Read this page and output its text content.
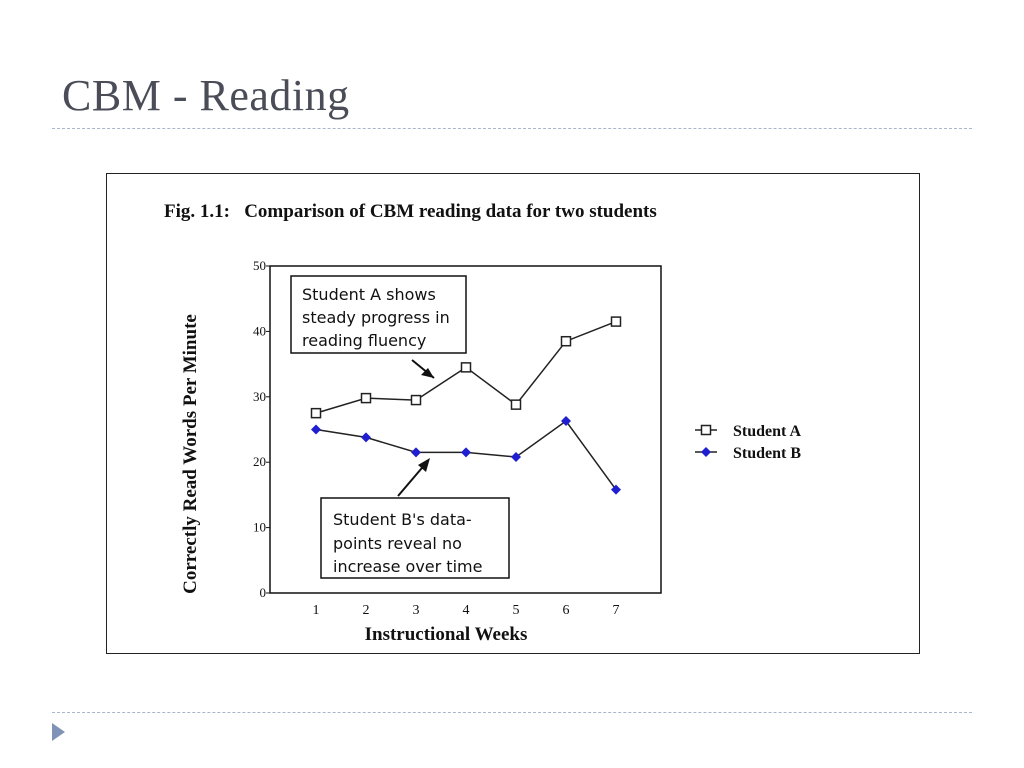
CBM - Reading
Fig. 1.1:   Comparison of CBM reading data for two students
0
10
20
30
40
50
1	2	3	4	5	6	7
Correctly Read Words Per Minute
Instructional Weeks
Student A shows
steady progress in
reading fluency
Student B's data-
points reveal no
increase over time
Student A
Student B
